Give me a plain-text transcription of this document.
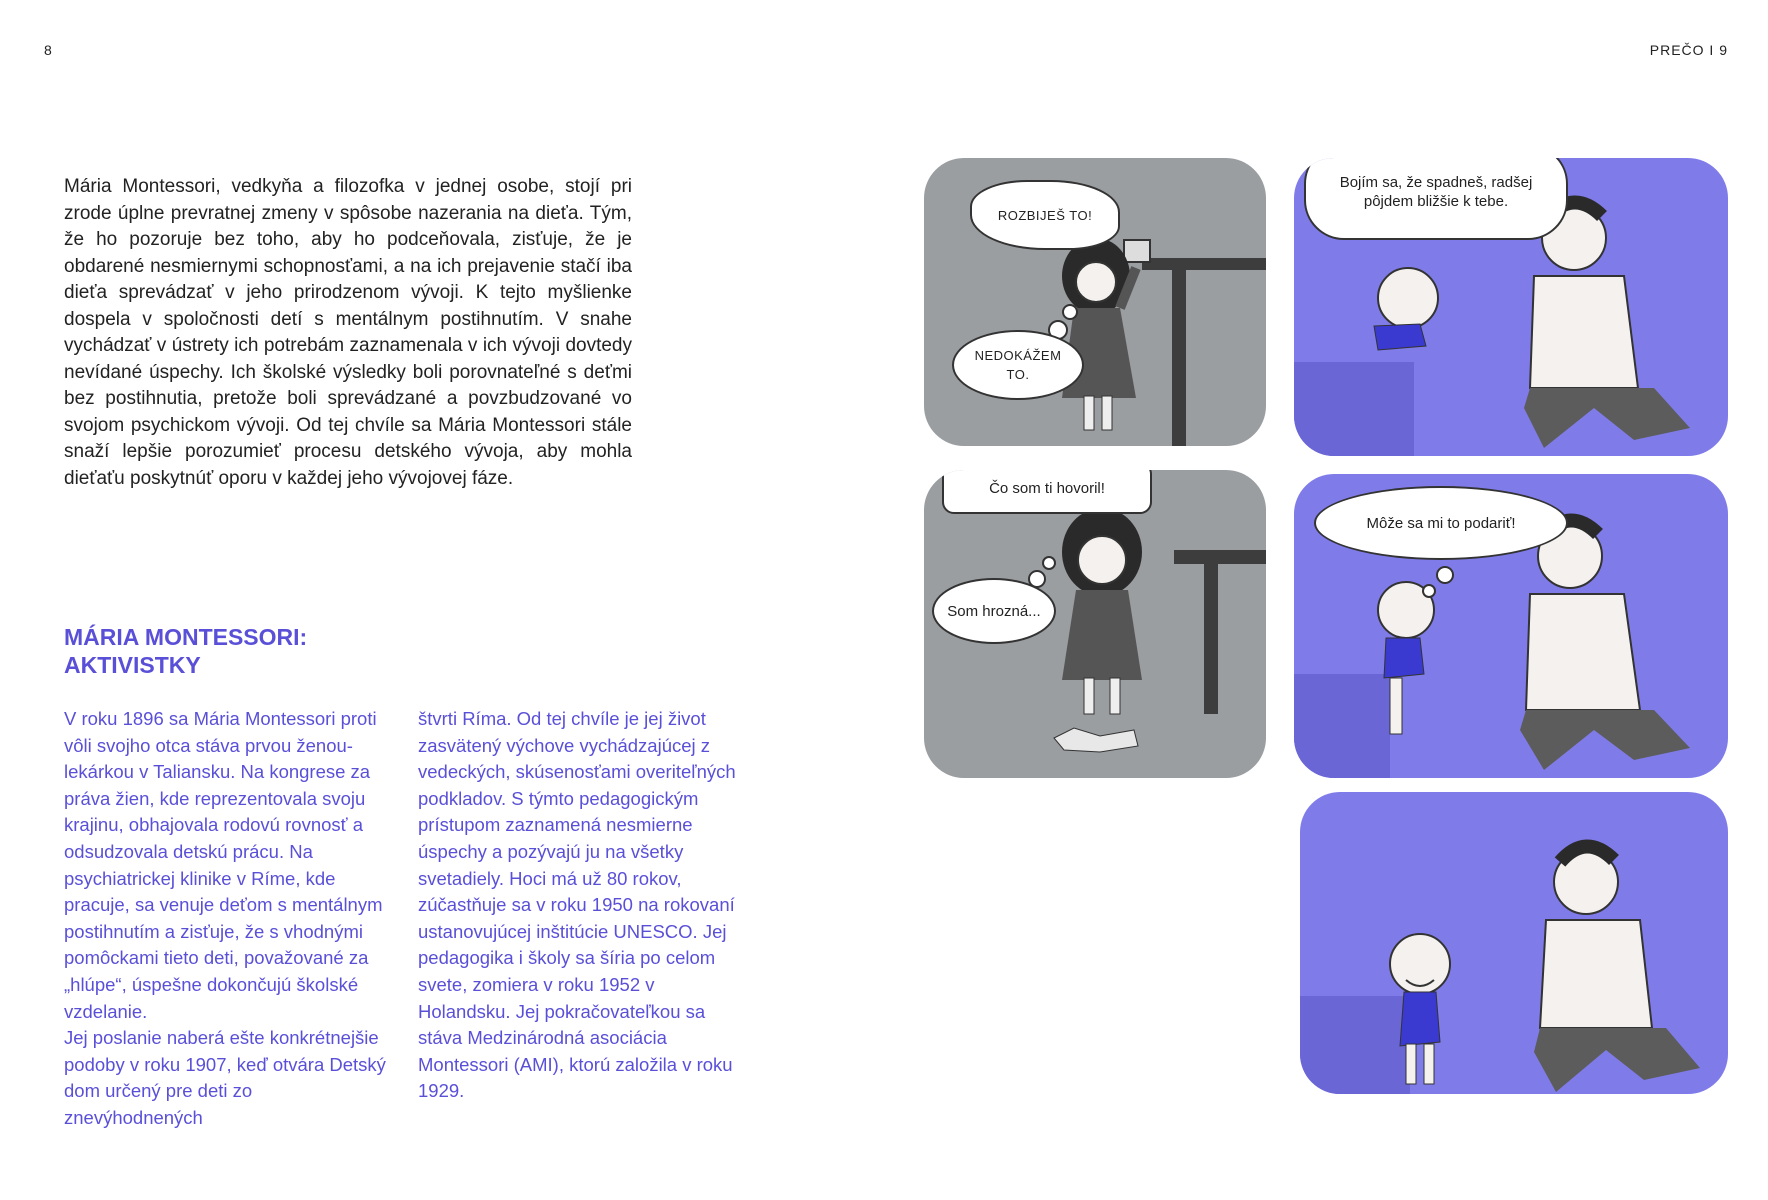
8	PREČO I 9

Mária Montessori, vedkyňa a filozofka v jednej osobe, stojí pri zrode úplne prevratnej zmeny v spôsobe nazerania na dieťa. Tým, že ho pozoruje bez toho, aby ho podceňovala, zisťuje, že je obdarené nesmiernymi schopnosťami, a na ich prejavenie stačí iba dieťa sprevádzať v jeho prirodzenom vývoji. K tejto myšlienke dospela v spoločnosti detí s mentálnym postihnutím. V snahe vychádzať v ústrety ich potrebám zaznamenala v ich vývoji dovtedy nevídané úspechy. Ich školské výsledky boli porovnateľné s deťmi bez postihnutia, pretože boli sprevádzané a povzbudzované vo svojom psychickom vývoji. Od tej chvíle sa Mária Montessori stále snaží lepšie porozumieť procesu detského vývoja, aby mohla dieťaťu poskytnúť oporu v každej jeho vývojovej fáze.

MÁRIA MONTESSORI:
AKTIVISTKY

V roku 1896 sa Mária Montessori proti vôli svojho otca stáva prvou ženou-lekárkou v Taliansku. Na kongrese za práva žien, kde reprezentovala svoju krajinu, obhajovala rodovú rovnosť a odsudzovala detskú prácu. Na psychiatrickej klinike v Ríme, kde pracuje, sa venuje deťom s mentálnym postihnutím a zisťuje, že s vhodnými pomôckami tieto deti, považované za „hlúpe“, úspešne dokončujú školské vzdelanie.

Jej poslanie naberá ešte konkrétnejšie podoby v roku 1907, keď otvára Detský dom určený pre deti zo znevýhodnených

štvrti Ríma. Od tej chvíle je jej život zasvätený výchove vychádzajúcej z vedeckých, skúsenosťami overiteľných podkladov. S týmto pedagogickým prístupom zaznamená nesmierne úspechy a pozývajú ju na všetky svetadiely. Hoci má už 80 rokov, zúčastňuje sa v roku 1950 na rokovaní ustanovujúcej inštitúcie UNESCO. Jej pedagogika i školy sa šíria po celom svete, zomiera v roku 1952 v Holandsku. Jej pokračovateľkou sa stáva Medzinárodná asociácia Montessori (AMI), ktorú založila v roku 1929.

ROZBIJEŠ TO!
NEDOKÁŽEM TO.
Čo som ti hovoril!
Som hrozná...
Bojím sa, že spadneš, radšej pôjdem bližšie k tebe.
Môže sa mi to podariť!
